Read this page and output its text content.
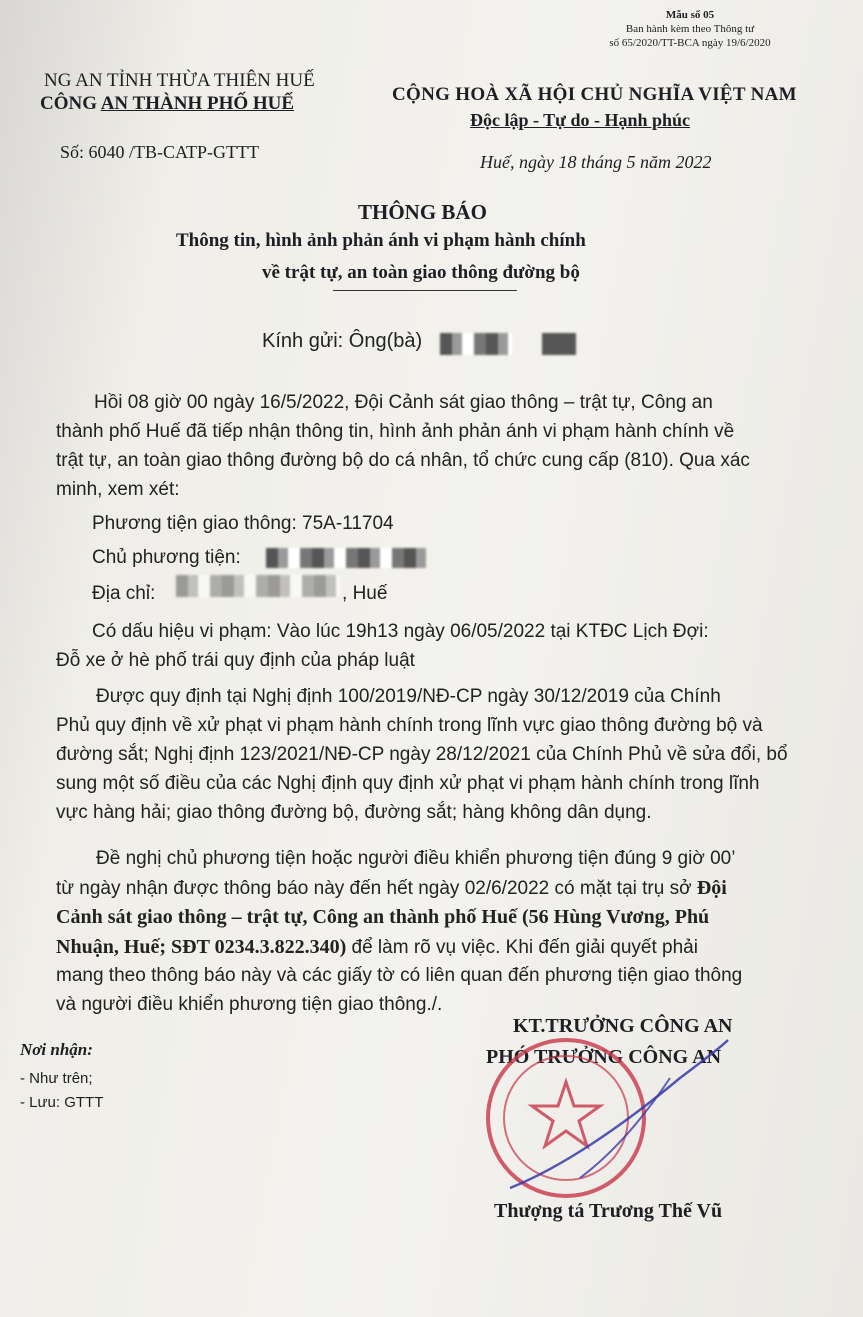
Mẫu số 05
Ban hành kèm theo Thông tư
số 65/2020/TT-BCA ngày 19/6/2020
NG AN TỈNH THỪA THIÊN HUẾ
CÔNG AN THÀNH PHỐ HUẾ
Số: 6040 /TB-CATP-GTTT
CỘNG HOÀ XÃ HỘI CHỦ NGHĨA VIỆT NAM
Độc lập - Tự do - Hạnh phúc
Huế, ngày 18 tháng 5 năm 2022
THÔNG BÁO
Thông tin, hình ảnh phản ánh vi phạm hành chính
về trật tự, an toàn giao thông đường bộ
Kính gửi: Ông(bà)
Hồi 08 giờ 00 ngày 16/5/2022, Đội Cảnh sát giao thông – trật tự, Công an
thành phố Huế đã tiếp nhận thông tin, hình ảnh phản ánh vi phạm hành chính về
trật tự, an toàn giao thông đường bộ do cá nhân, tổ chức cung cấp (810). Qua xác
minh, xem xét:
Phương tiện giao thông: 75A-11704
Chủ phương tiện:
Địa chỉ:	, Huế
Có dấu hiệu vi phạm: Vào lúc 19h13 ngày 06/05/2022 tại KTĐC Lịch Đợi:
Đỗ xe ở hè phố trái quy định của pháp luật
Được quy định tại Nghị định 100/2019/NĐ-CP ngày 30/12/2019 của Chính
Phủ quy định về xử phạt vi phạm hành chính trong lĩnh vực giao thông đường bộ và
đường sắt; Nghị định 123/2021/NĐ-CP ngày 28/12/2021 của Chính Phủ về sửa đổi, bổ
sung một số điều của các Nghị định quy định xử phạt vi phạm hành chính trong lĩnh
vực hàng hải; giao thông đường bộ, đường sắt; hàng không dân dụng.
Đề nghị chủ phương tiện hoặc người điều khiển phương tiện đúng 9 giờ 00’
từ ngày nhận được thông báo này đến hết ngày 02/6/2022 có mặt tại trụ sở Đội
Cảnh sát giao thông – trật tự, Công an thành phố Huế (56 Hùng Vương, Phú
Nhuận, Huế; SĐT 0234.3.822.340) để làm rõ vụ việc. Khi đến giải quyết phải
mang theo thông báo này và các giấy tờ có liên quan đến phương tiện giao thông
và người điều khiển phương tiện giao thông./.
Nơi nhận:
- Như trên;
- Lưu: GTTT
KT.TRƯỞNG CÔNG AN
PHÓ TRƯỞNG CÔNG AN
Thượng tá Trương Thế Vũ
